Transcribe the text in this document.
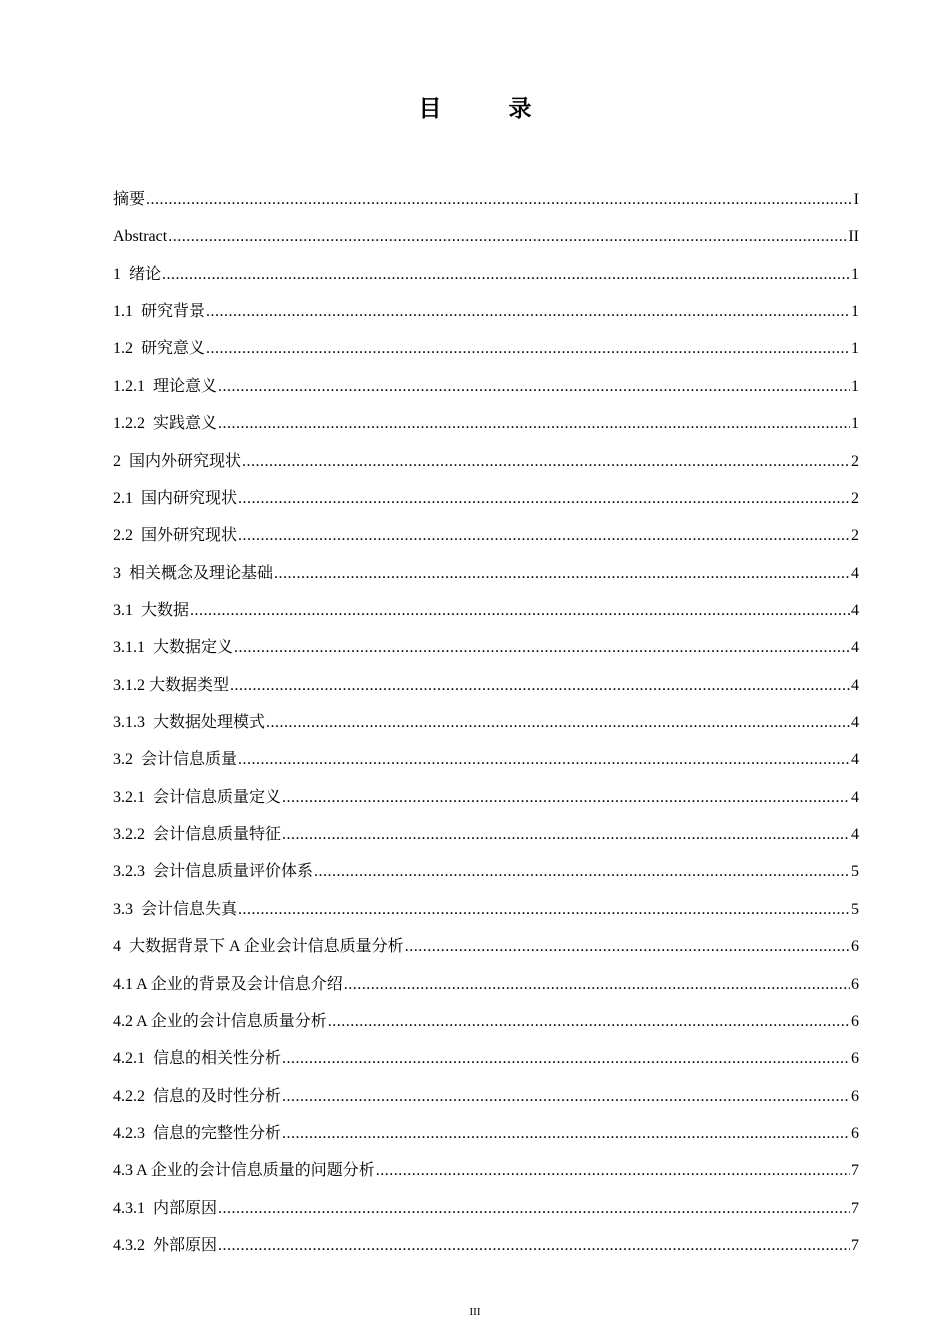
目　录
摘要 .....	I
Abstract .....	II
1  绪论 .....	1
1.1  研究背景 .....	1
1.2  研究意义 .....	1
1.2.1  理论意义 .....	1
1.2.2  实践意义 .....	1
2  国内外研究现状 .....	2
2.1  国内研究现状 .....	2
2.2  国外研究现状 .....	2
3  相关概念及理论基础 .....	4
3.1  大数据 .....	4
3.1.1  大数据定义 .....	4
3.1.2 大数据类型 .....	4
3.1.3  大数据处理模式 .....	4
3.2  会计信息质量 .....	4
3.2.1  会计信息质量定义 .....	4
3.2.2  会计信息质量特征 .....	4
3.2.3  会计信息质量评价体系 .....	5
3.3  会计信息失真 .....	5
4  大数据背景下 A 企业会计信息质量分析 .....	6
4.1 A 企业的背景及会计信息介绍 .....	6
4.2 A 企业的会计信息质量分析 .....	6
4.2.1  信息的相关性分析 .....	6
4.2.2  信息的及时性分析 .....	6
4.2.3  信息的完整性分析 .....	6
4.3 A 企业的会计信息质量的问题分析 .....	7
4.3.1  内部原因 .....	7
4.3.2  外部原因 .....	7
III
